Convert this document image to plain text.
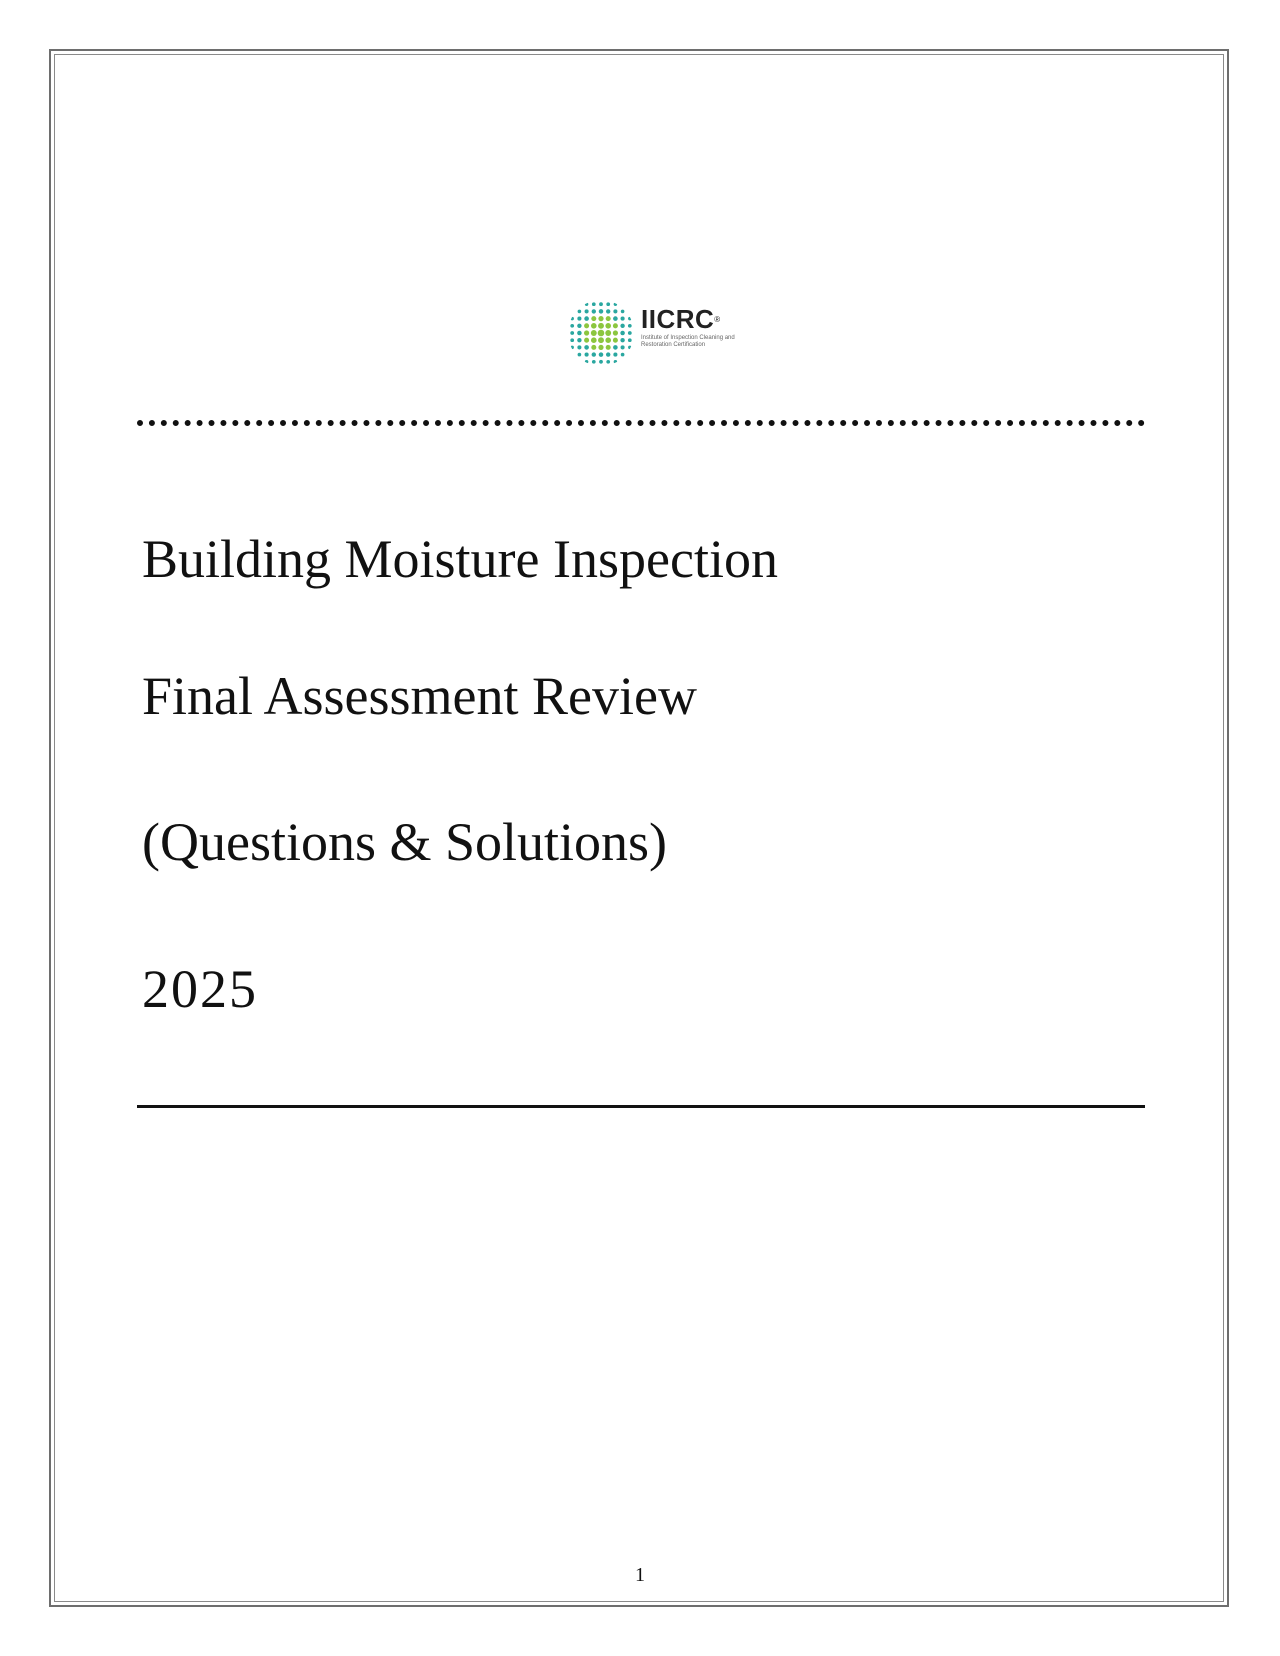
IICRC®
Institute of Inspection Cleaning and Restoration Certification
Building Moisture Inspection
Final Assessment Review
(Questions & Solutions)
2025
1
